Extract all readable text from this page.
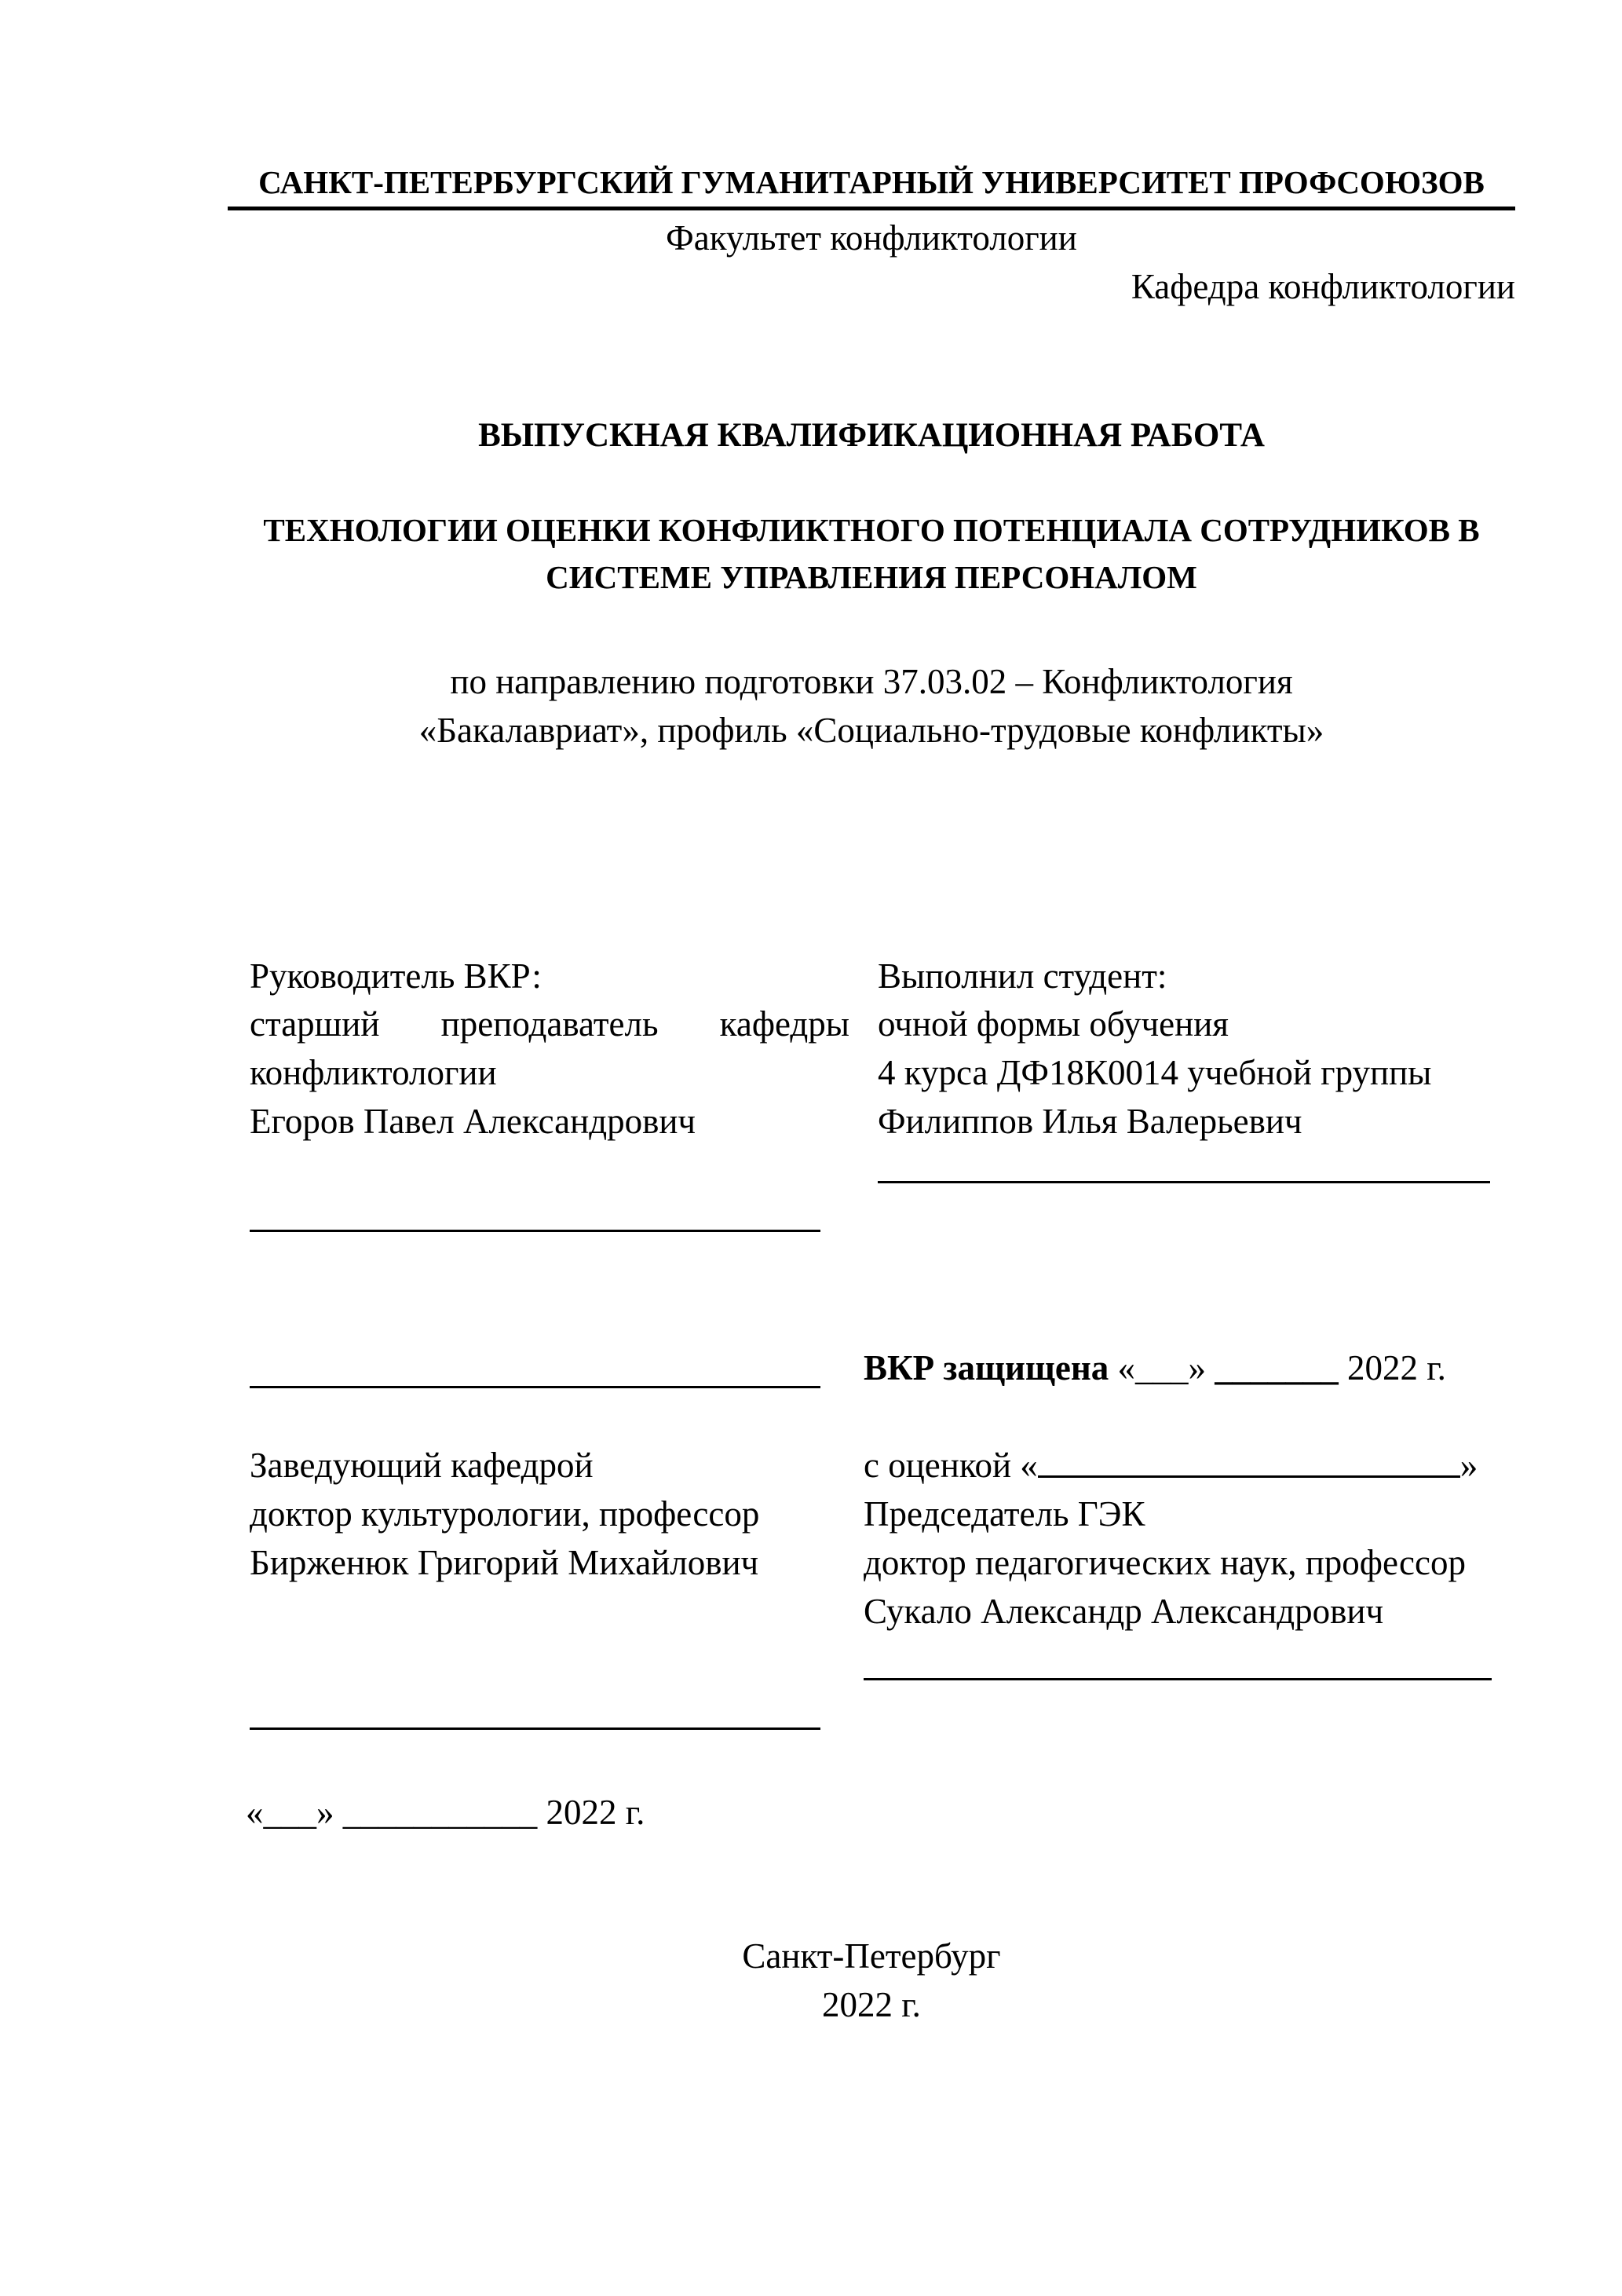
САНКТ-ПЕТЕРБУРГСКИЙ ГУМАНИТАРНЫЙ УНИВЕРСИТЕТ ПРОФСОЮЗОВ
Факультет конфликтологии
Кафедра конфликтологии
ВЫПУСКНАЯ КВАЛИФИКАЦИОННАЯ РАБОТА
ТЕХНОЛОГИИ ОЦЕНКИ КОНФЛИКТНОГО ПОТЕНЦИАЛА СОТРУДНИКОВ В СИСТЕМЕ УПРАВЛЕНИЯ ПЕРСОНАЛОМ
по направлению подготовки 37.03.02 – Конфликтология
«Бакалавриат», профиль «Социально-трудовые конфликты»
Руководитель ВКР:
старший преподаватель кафедры
конфликтологии
Егоров Павел Александрович
Выполнил студент:
очной формы обучения
4 курса ДФ18К0014 учебной группы
Филиппов Илья Валерьевич
ВКР защищена «___» _______ 2022 г.
Заведующий кафедрой
доктор культурологии, профессор
Бирженюк Григорий Михайлович
«___» ___________ 2022 г.
с оценкой «	»
Председатель ГЭК
доктор педагогических наук, профессор
Сукало Александр Александрович
Санкт-Петербург
2022 г.
